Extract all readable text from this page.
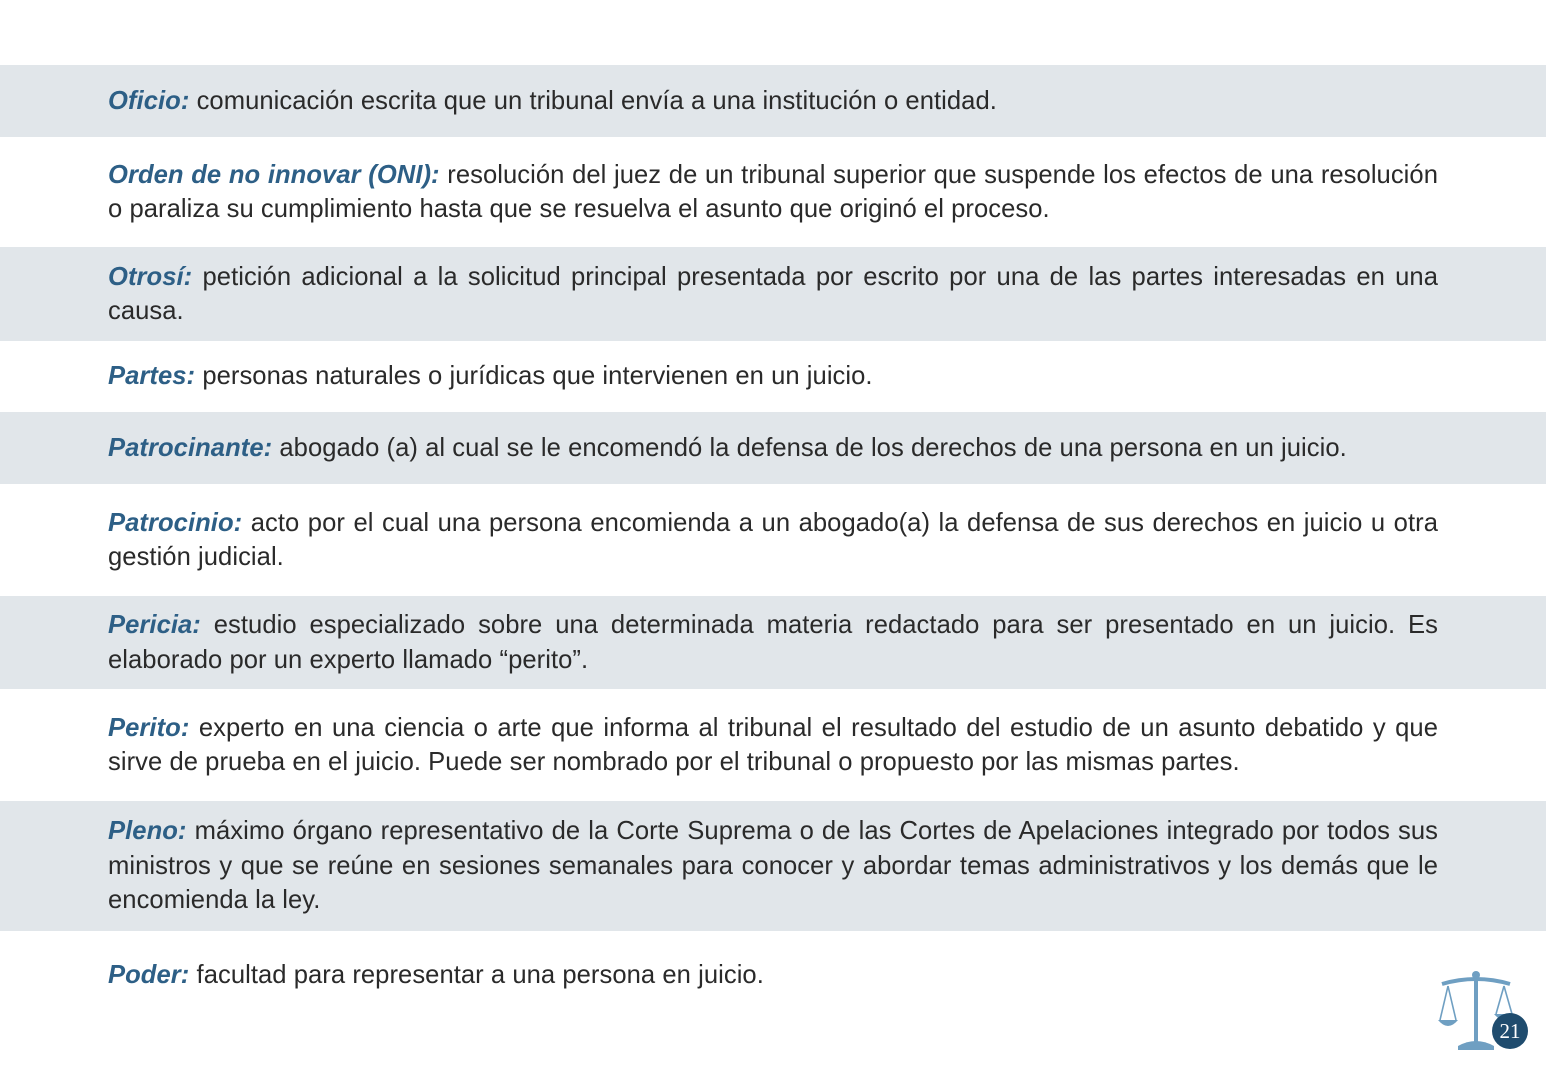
Oficio: comunicación escrita que un tribunal envía a una institución o entidad.

Orden de no innovar (ONI): resolución del juez de un tribunal superior que suspende los efectos de una resolución o paraliza su cumplimiento hasta que se resuelva el asunto que originó el proceso.

Otrosí: petición adicional a la solicitud principal presentada por escrito por una de las partes interesadas en una causa.

Partes: personas naturales o jurídicas que intervienen en un juicio.

Patrocinante: abogado (a) al cual se le encomendó la defensa de los derechos de una persona en un juicio.

Patrocinio: acto por el cual una persona encomienda a un abogado(a) la defensa de sus derechos en juicio u otra gestión judicial.

Pericia: estudio especializado sobre una determinada materia redactado para ser presentado en un juicio. Es elaborado por un experto llamado “perito”.

Perito: experto en una ciencia o arte que informa al tribunal el resultado del estudio de un asunto debatido y que sirve de prueba en el juicio. Puede ser nombrado por el tribunal o propuesto por las mismas partes.

Pleno: máximo órgano representativo de la Corte Suprema o de las Cortes de Apelaciones integrado por todos sus ministros y que se reúne en sesiones semanales para conocer y abordar temas administrativos y los demás que le encomienda la ley.

Poder: facultad para representar a una persona en juicio.

21
